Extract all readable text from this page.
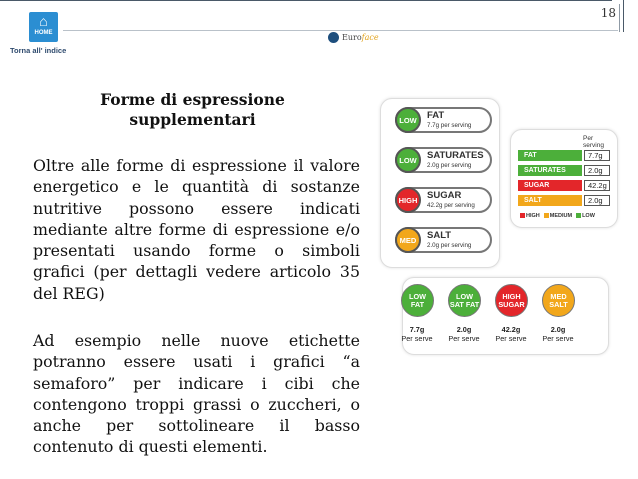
18
⌂
HOME
Torna all' indice
Euroface
Forme di espressione
supplementari
Oltre alle forme di espressione il valore energetico e le quantità di sostanze nutritive possono essere indicati mediante altre forme di espressione e/o presentati usando forme o simboli grafici (per dettagli vedere articolo 35 del REG)
Ad esempio nelle nuove etichette potranno essere usati i grafici “a semaforo” per indicare i cibi che contengono troppi grassi o zuccheri, o anche per sottolineare il basso contenuto di questi elementi.
LOW	FAT
7.7g per serving
LOW	SATURATES
2.0g per serving
HIGH	SUGAR
42.2g per serving
MED	SALT
2.0g per serving
Per serving
FAT	7.7g
SATURATES	2.0g
SUGAR	42.2g
SALT	2.0g
HIGH	MEDIUM	LOW
LOW
FAT
7.7g
Per serve
LOW
SAT FAT
2.0g
Per serve
HIGH
SUGAR
42.2g
Per serve
MED
SALT
2.0g
Per serve
